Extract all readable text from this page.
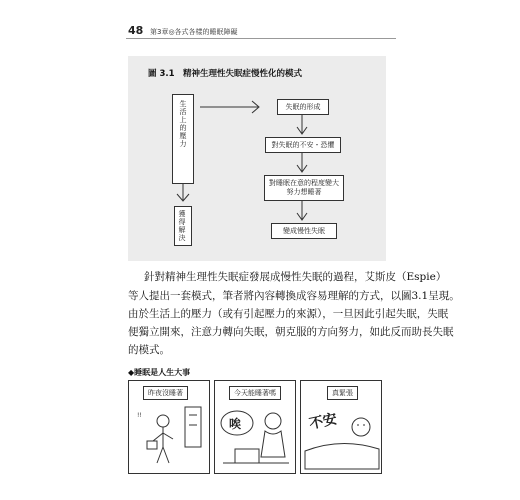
48 第3章◎各式各樣的睡眠障礙
圖 3.1　精神生理性失眠症慢性化的模式
生
活
上
的
壓
力
獲
得
解
決
失眠的形成
對失眠的不安・恐懼
對睡眠在意的程度變大
努力想睡著
變成慢性失眠
針對精神生理性失眠症發展成慢性失眠的過程，艾斯皮（Espie）
等人提出一套模式，筆者將內容轉換成容易理解的方式，以圖3.1呈現。
由於生活上的壓力（或有引起壓力的來源），一旦因此引起失眠，失眠
便獨立開來，注意力轉向失眠，朝克服的方向努力，如此反而助長失眠
的模式。
◆睡眠是人生大事
昨夜沒睡著
!!
今天能睡著嗎
唉
真緊張
不安
